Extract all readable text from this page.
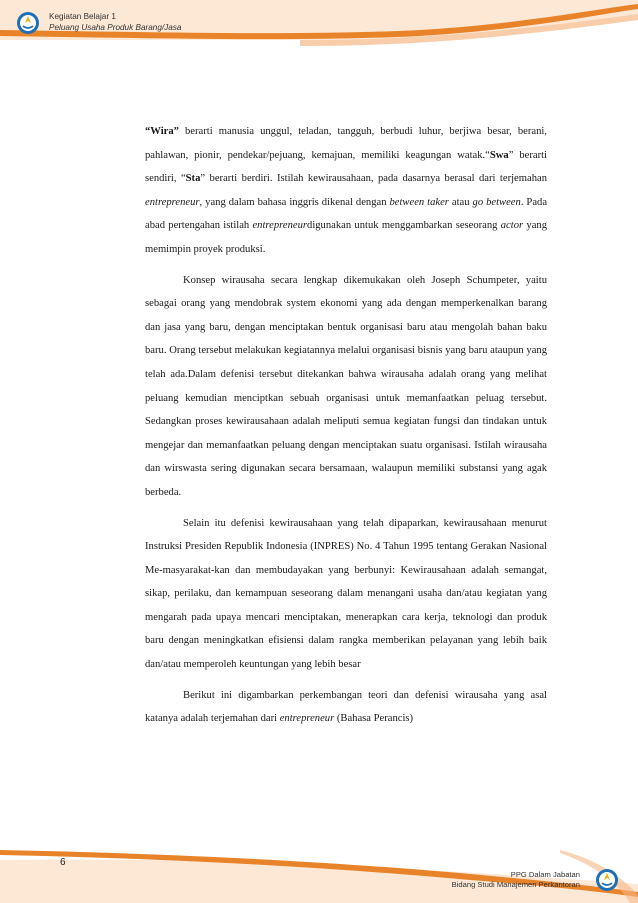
Kegiatan Belajar 1
Peluang Usaha Produk Barang/Jasa

“Wira” berarti manusia unggul, teladan, tangguh, berbudi luhur, berjiwa besar, berani, pahlawan, pionir, pendekar/pejuang, kemajuan, memiliki keagungan watak.“Swa” berarti sendiri, “Sta” berarti berdiri. Istilah kewirausahaan, pada dasarnya berasal dari terjemahan entrepreneur, yang dalam bahasa inggris dikenal dengan between taker atau go between. Pada abad pertengahan istilah entrepreneurdigunakan untuk menggambarkan seseorang actor yang memimpin proyek produksi.

Konsep wirausaha secara lengkap dikemukakan oleh Joseph Schumpeter, yaitu sebagai orang yang mendobrak system ekonomi yang ada dengan memperkenalkan barang dan jasa yang baru, dengan menciptakan bentuk organisasi baru atau mengolah bahan baku baru. Orang tersebut melakukan kegiatannya melalui organisasi bisnis yang baru ataupun yang telah ada.Dalam defenisi tersebut ditekankan bahwa wirausaha adalah orang yang melihat peluang kemudian menciptkan sebuah organisasi untuk memanfaatkan peluag tersebut. Sedangkan proses kewirausahaan adalah meliputi semua kegiatan fungsi dan tindakan untuk mengejar dan memanfaatkan peluang dengan menciptakan suatu organisasi. Istilah wirausaha dan wirswasta sering digunakan secara bersamaan, walaupun memiliki substansi yang agak berbeda.

Selain itu defenisi kewirausahaan yang telah dipaparkan, kewirausahaan menurut Instruksi Presiden Republik Indonesia (INPRES) No. 4 Tahun 1995 tentang Gerakan Nasional Me-masyarakat-kan dan membudayakan yang berbunyi: Kewirausahaan adalah semangat, sikap, perilaku, dan kemampuan seseorang dalam menangani usaha dan/atau kegiatan yang mengarah pada upaya mencari menciptakan, menerapkan cara kerja, teknologi dan produk baru dengan meningkatkan efisiensi dalam rangka memberikan pelayanan yang lebih baik dan/atau memperoleh keuntungan yang lebih besar

Berikut ini digambarkan perkembangan teori dan defenisi wirausaha yang asal katanya adalah terjemahan dari entrepreneur (Bahasa Perancis)

6
PPG Dalam Jabatan
Bidang Studi Manajemen Perkantoran
